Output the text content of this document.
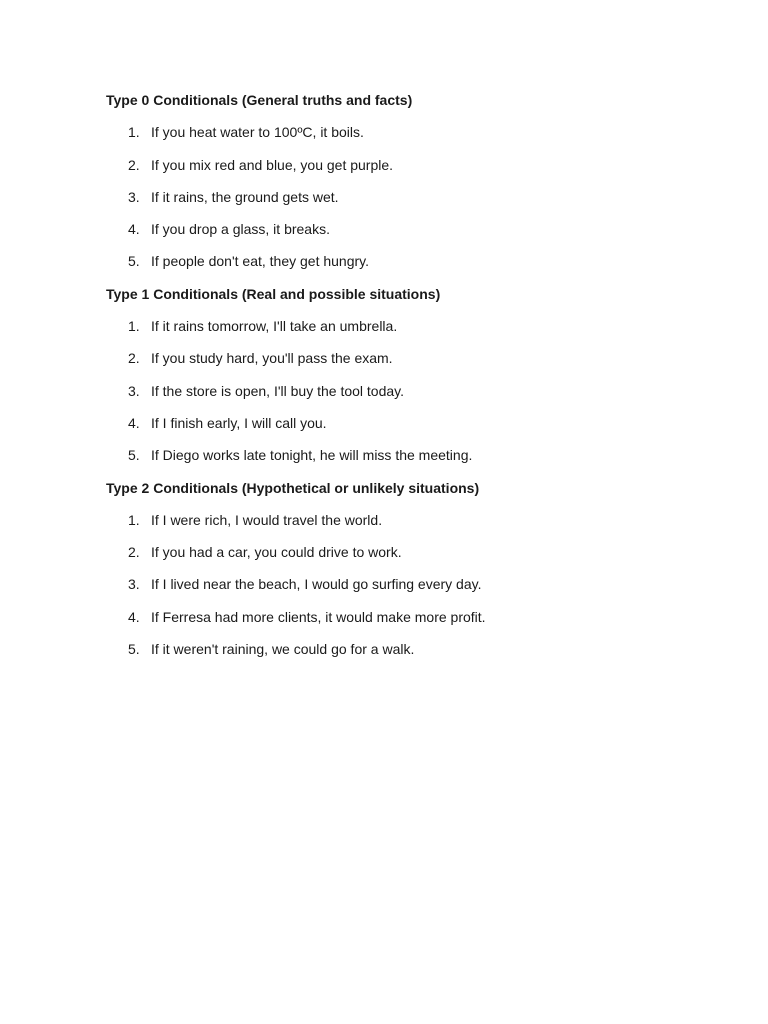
Type 0 Conditionals (General truths and facts)
1. If you heat water to 100ºC, it boils.
2. If you mix red and blue, you get purple.
3. If it rains, the ground gets wet.
4. If you drop a glass, it breaks.
5. If people don't eat, they get hungry.
Type 1 Conditionals (Real and possible situations)
1. If it rains tomorrow, I'll take an umbrella.
2. If you study hard, you'll pass the exam.
3. If the store is open, I'll buy the tool today.
4. If I finish early, I will call you.
5. If Diego works late tonight, he will miss the meeting.
Type 2 Conditionals (Hypothetical or unlikely situations)
1. If I were rich, I would travel the world.
2. If you had a car, you could drive to work.
3. If I lived near the beach, I would go surfing every day.
4. If Ferresa had more clients, it would make more profit.
5. If it weren't raining, we could go for a walk.
